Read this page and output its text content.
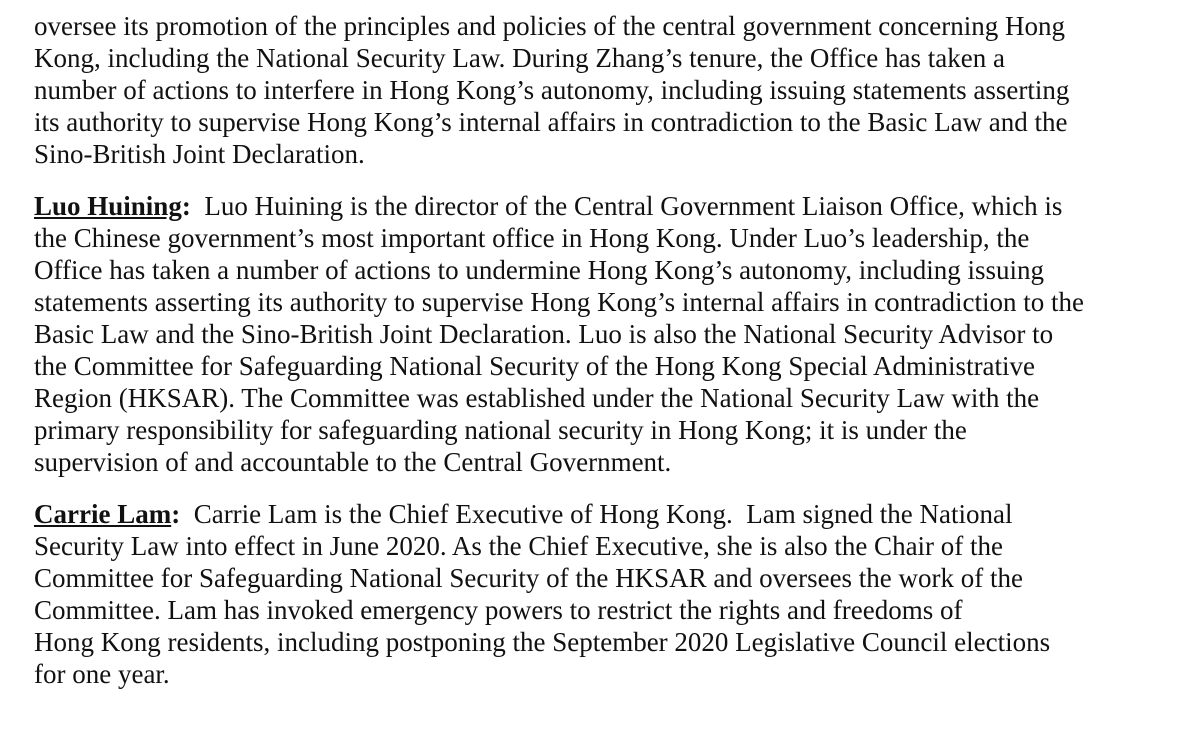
oversee its promotion of the principles and policies of the central government concerning Hong
Kong, including the National Security Law. During Zhang’s tenure, the Office has taken a
number of actions to interfere in Hong Kong’s autonomy, including issuing statements asserting
its authority to supervise Hong Kong’s internal affairs in contradiction to the Basic Law and the
Sino-British Joint Declaration.

Luo Huining:  Luo Huining is the director of the Central Government Liaison Office, which is
the Chinese government’s most important office in Hong Kong. Under Luo’s leadership, the
Office has taken a number of actions to undermine Hong Kong’s autonomy, including issuing
statements asserting its authority to supervise Hong Kong’s internal affairs in contradiction to the
Basic Law and the Sino-British Joint Declaration. Luo is also the National Security Advisor to
the Committee for Safeguarding National Security of the Hong Kong Special Administrative
Region (HKSAR). The Committee was established under the National Security Law with the
primary responsibility for safeguarding national security in Hong Kong; it is under the
supervision of and accountable to the Central Government.

Carrie Lam:  Carrie Lam is the Chief Executive of Hong Kong.  Lam signed the National
Security Law into effect in June 2020. As the Chief Executive, she is also the Chair of the
Committee for Safeguarding National Security of the HKSAR and oversees the work of the
Committee. Lam has invoked emergency powers to restrict the rights and freedoms of
Hong Kong residents, including postponing the September 2020 Legislative Council elections
for one year.
